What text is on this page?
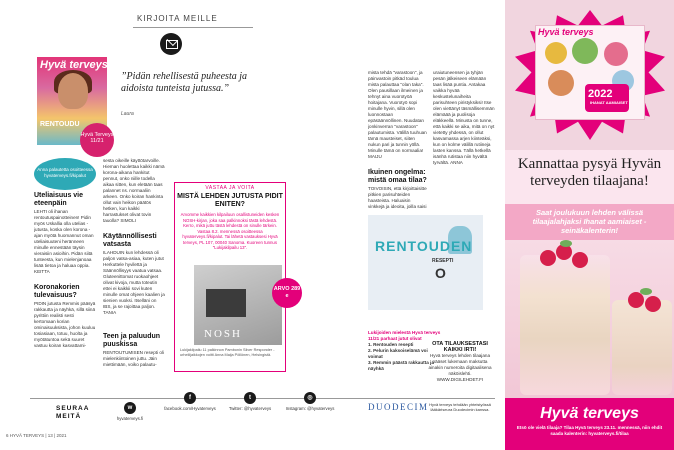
KIRJOITA MEILLE
Hyvä terveys
RENTOUDU
Hyvä Terveys 11/21
”Pidän rehellisestä puheesta ja aidoista tunteista jutussa.”
Laura
Anna palautetta osoitteessa hyvaterveys.fi/kipalut
Uteliaisuus vie eteenpäin
LEHTI oli ihanan rentoutuspainotteinen! Pidin myös Uskallia olla utelias -jutusta, koska olen korona -ajan myötä huomannut oman uteliaisuuteni heränneen minulle ennestään täysin vieraisiin asioihin. Pidän siitä tunteesta, kun mielenjanoaa lisää tietoa ja haluaa oppia. KEITTA
Koronakorien tulevaisuus?
PIDIN jutusta Remmis pääsyä rakkautta ja näyhkä, sillä siinä pyrittiin realisti sesti kertomaan korian ominaisuuksista, johon kuuluu tosiasiaan, totuu, huolta ja myötätuntoa sekä suuret vastuu koiran kasvattami-
sesta oikeille käyttötarvoille. Hieman huolettaa kaikki nämä korona-aikana hankitut pennut, onko niille todella aikaa sitten, kun eletään taas palannet ns. normaaliin arkeen. Onko koiran hankinta ollut vain heikon päätös hetken, kun kaikki harrastukset olivat tovin tauolla? SIMOLI
Käytännöllisesti vatsasta
ILAHDUIN kun lehdessä oli paljon vatsa-asiaa, kuten jutut Herkuttele hyvilettä ja Säännöllisyys vaatua vatsaa. Gluteenittomat ruokaohjeet olivat kivoja, mutta toteutin ettei ei kaikkii sovi kuten minulle omat ohjeen kaalien ja sienien vuoksi. Itselläni on IBS, ja se rajoittaa paljon. TANIA
Teen ja paluudun puuskissa
RENTOUTUMISEN resepti oli mielenkiintoinen juttu. Jäin miettimään, voiko palautu-
VASTAA JA VOITA
MISTÄ LEHDEN JUTUSTA PIDIT ENITEN?
Arvomme kaikkien kilpailuun osallistuneiden kesken NOSH-kirjan, joka saa palkinnoksi tästä lehdestä. Kerro, mikä juttu tästä lehdestä on sinulle tärkein. Vastaa 8.2. mennessä osoitteessa hyvaterveys.fi/kipalut. Tai lähetä vastauksesi Hyvä terveys, PL 107, 00040 Sanoma. Kuoreen tunnus "Lukijakilpailu 13".
NOSH
ARVO 289 e
Lukijakilpailu 11 palkinnon Pambonin Sliver Responder -urheilijaikkojen voitti Anna Maija Pöllönen, Helsingistä.
mista tehdä "varastoon", ja päinvastoin pitkäd toulua mista palauttaa "olan taka". Olen pausillaan ilmeinen ja tehnyt aina vuorotyöä hoitajana. Vuorotyö sopi minulle hyvin, sillä olen luonnostaan epäsäännöllinen. Nuudatan jonkinverran "varastoon" palautumista. Välillä tuuhuan tämä mausteiset, siiten nukun pari ja tunnin yöllä. Minulle tämä on normaalia! MAIJU
Ikuinen ongelma: mistä omaa tilaa?
TOIVOISIN, että kirjoittaisitte pitkien parisuhteiden haasteista. Haluaisin vinkkejä ja ideoita, joilla saisi
uraiutuneensen ja tyhjän pesän jälkeiseen elämään taas lisää puntia. Antakaa vaikka hyvää keskustelunaiheita parisuhteen piristyksiksi! Itse olen viettänyt täsmällisemmän elämäää ja puolisoja eläkkeellä. Minusta on tunne, että kaikki se aika, mitä on nyt vietetty yhdessä, on ollut kasvamassa arjen kiinteäksi, kun on kolme välillä rutiineja lasten kanssa. Tällä hetkellä isänhä rutistaa niin hyvältä tyrvältä. ANNA
RENTOUDEN
RESEPTI
O
Lukijoiden mielestä Hyvä terveys 11/21 parhaat jutut olivat
1. Rentouden resepti
2. Pelurin kaksoiselämä voi voimat
3. Remmin päästä rakkautta ja näyhkä
OTA TILAUKSESTASI KAIKKI IRTI!
Hyvä terveys lehden tilaajana pääset lukemaan maksutta ainakin numeroita digitaalisena näköislehti. WWW.DIGILEHDET.FI
DUODECIM Hyvä terveys tehdään yhteistyössä lääkäriseura Duodecimin kanssa.
SEURAA MEITÄ
w
hyvaterveys.fi
f
facebook.com/Hyvaterveys
t
Twitter: @hyvaterveys
◎
Instagram: @hyvaterveys
6 HYVÄ TERVEYS | 13 | 2021
Hyvä terveys
2022
IHANAT AAMIAISET
Kannattaa pysyä Hyvän terveyden tilaajana!
Saat joulukuun lehden välissä tilaajalahjaksi Ihanat aamiaiset -seinäkalenterin!
Hyvä terveys
Etsö ole vielä tilaaja? Tilaa Hyvä terveys 23.11. mennessä, niin ehdit saada kalenterin: hyvaterveys.fi/tilaa
